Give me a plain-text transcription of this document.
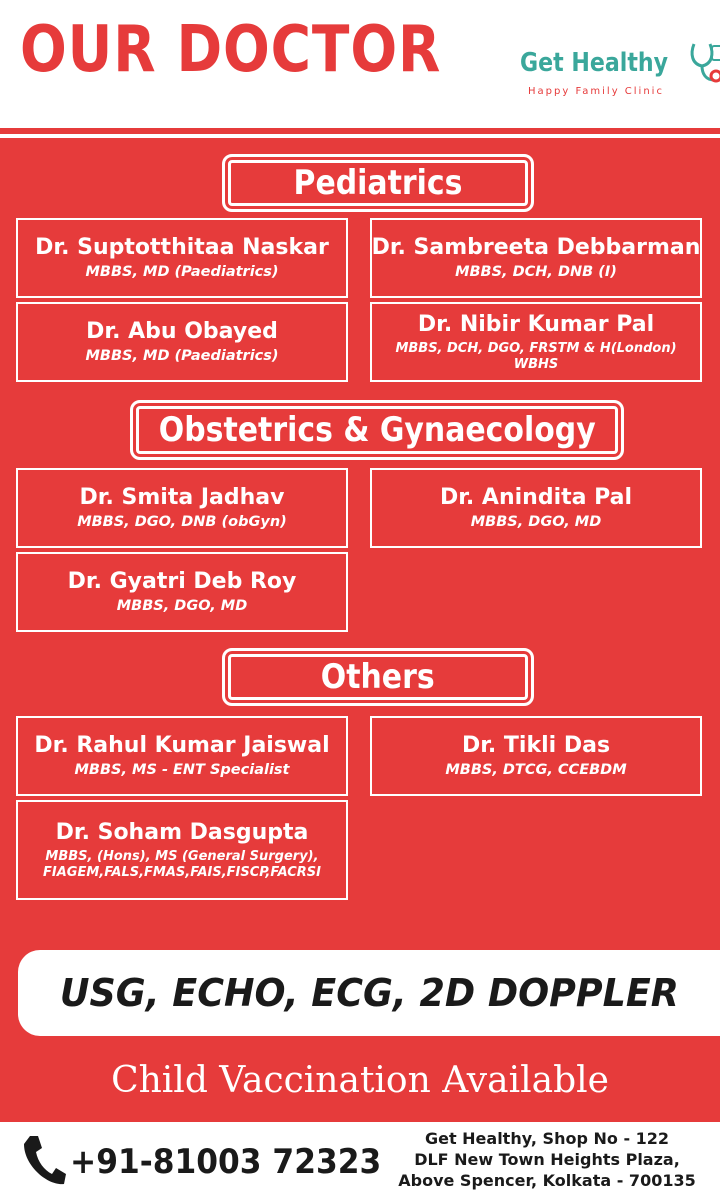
OUR DOCTOR	Get Healthy
Happy Family Clinic
Pediatrics
Dr. Suptotthitaa Naskar
MBBS, MD (Paediatrics)
Dr. Sambreeta Debbarman
MBBS, DCH, DNB (I)
Dr. Abu Obayed
MBBS, MD (Paediatrics)
Dr. Nibir Kumar Pal
MBBS, DCH, DGO, FRSTM & H(London) WBHS
Obstetrics & Gynaecology
Dr. Smita Jadhav
MBBS, DGO, DNB (obGyn)
Dr. Anindita Pal
MBBS, DGO, MD
Dr. Gyatri Deb Roy
MBBS, DGO, MD
Others
Dr. Rahul Kumar Jaiswal
MBBS, MS - ENT Specialist
Dr. Tikli Das
MBBS, DTCG, CCEBDM
Dr. Soham Dasgupta
MBBS, (Hons), MS (General Surgery), FIAGEM,FALS,FMAS,FAIS,FISCP,FACRSI
USG, ECHO, ECG, 2D DOPPLER
Child Vaccination Available
+91-81003 72323
Get Healthy, Shop No - 122
DLF New Town Heights Plaza,
Above Spencer, Kolkata - 700135
